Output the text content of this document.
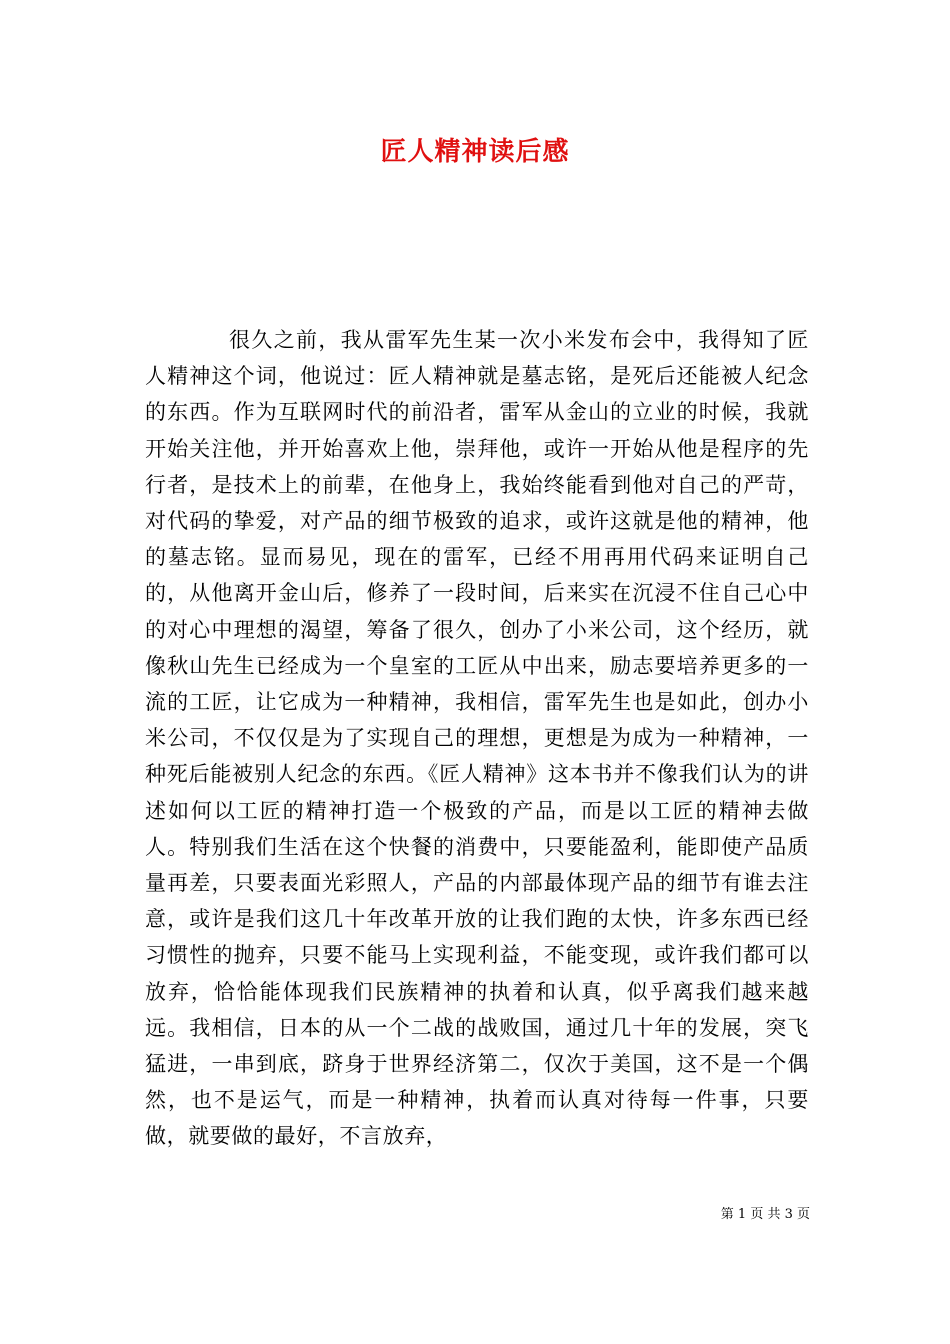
匠人精神读后感

很久之前，我从雷军先生某一次小米发布会中，我得知了匠人精神这个词，他说过：匠人精神就是墓志铭，是死后还能被人纪念的东西。作为互联网时代的前沿者，雷军从金山的立业的时候，我就开始关注他，并开始喜欢上他，崇拜他，或许一开始从他是程序的先行者，是技术上的前辈，在他身上，我始终能看到他对自己的严苛，对代码的挚爱，对产品的细节极致的追求，或许这就是他的精神，他的墓志铭。显而易见，现在的雷军，已经不用再用代码来证明自己的，从他离开金山后，修养了一段时间，后来实在沉浸不住自己心中的对心中理想的渴望，筹备了很久，创办了小米公司，这个经历，就像秋山先生已经成为一个皇室的工匠从中出来，励志要培养更多的一流的工匠，让它成为一种精神，我相信，雷军先生也是如此，创办小米公司，不仅仅是为了实现自己的理想，更想是为成为一种精神，一种死后能被别人纪念的东西。《匠人精神》这本书并不像我们认为的讲述如何以工匠的精神打造一个极致的产品，而是以工匠的精神去做人。特别我们生活在这个快餐的消费中，只要能盈利，能即使产品质量再差，只要表面光彩照人，产品的内部最体现产品的细节有谁去注意，或许是我们这几十年改革开放的让我们跑的太快，许多东西已经习惯性的抛弃，只要不能马上实现利益，不能变现，或许我们都可以放弃，恰恰能体现我们民族精神的执着和认真，似乎离我们越来越远。我相信，日本的从一个二战的战败国，通过几十年的发展，突飞猛进，一串到底，跻身于世界经济第二，仅次于美国，这不是一个偶然，也不是运气，而是一种精神，执着而认真对待每一件事，只要做，就要做的最好，不言放弃，

第 1 页 共 3 页
